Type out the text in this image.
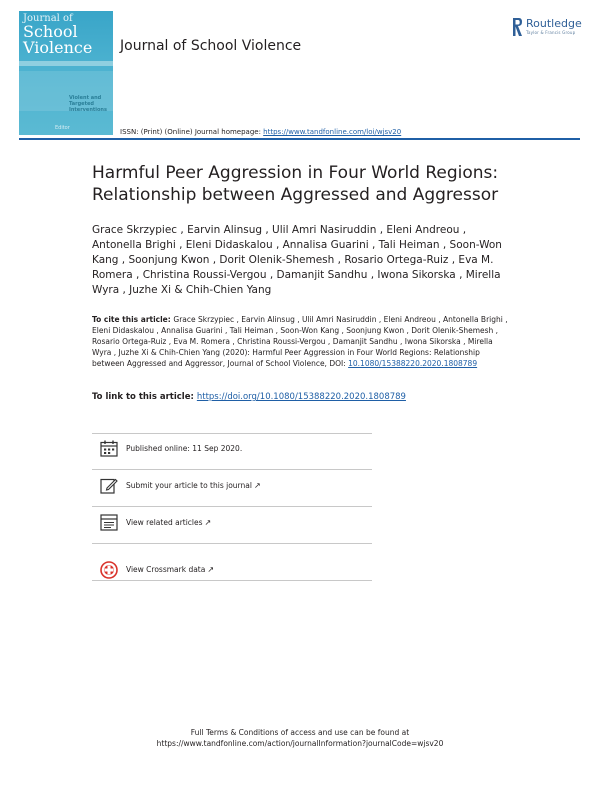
Journal of
School
Violence
Violent and Targeted Interventions
Editor
Journal of School Violence
Routledge
Taylor & Francis Group
ISSN: (Print) (Online) Journal homepage: https://www.tandfonline.com/loi/wjsv20
Harmful Peer Aggression in Four World Regions: Relationship between Aggressed and Aggressor
Grace Skrzypiec , Earvin Alinsug , Ulil Amri Nasiruddin , Eleni Andreou , Antonella Brighi , Eleni Didaskalou , Annalisa Guarini , Tali Heiman , Soon-Won Kang , Soonjung Kwon , Dorit Olenik-Shemesh , Rosario Ortega-Ruiz , Eva M. Romera , Christina Roussi-Vergou , Damanjit Sandhu , Iwona Sikorska , Mirella Wyra , Juzhe Xi & Chih-Chien Yang
To cite this article: Grace Skrzypiec , Earvin Alinsug , Ulil Amri Nasiruddin , Eleni Andreou , Antonella Brighi , Eleni Didaskalou , Annalisa Guarini , Tali Heiman , Soon-Won Kang , Soonjung Kwon , Dorit Olenik-Shemesh , Rosario Ortega-Ruiz , Eva M. Romera , Christina Roussi-Vergou , Damanjit Sandhu , Iwona Sikorska , Mirella Wyra , Juzhe Xi & Chih-Chien Yang (2020): Harmful Peer Aggression in Four World Regions: Relationship between Aggressed and Aggressor, Journal of School Violence, DOI: 10.1080/15388220.2020.1808789
To link to this article: https://doi.org/10.1080/15388220.2020.1808789
Published online: 11 Sep 2020.
Submit your article to this journal ↗
View related articles ↗
View Crossmark data ↗
Full Terms & Conditions of access and use can be found at
https://www.tandfonline.com/action/journalInformation?journalCode=wjsv20
